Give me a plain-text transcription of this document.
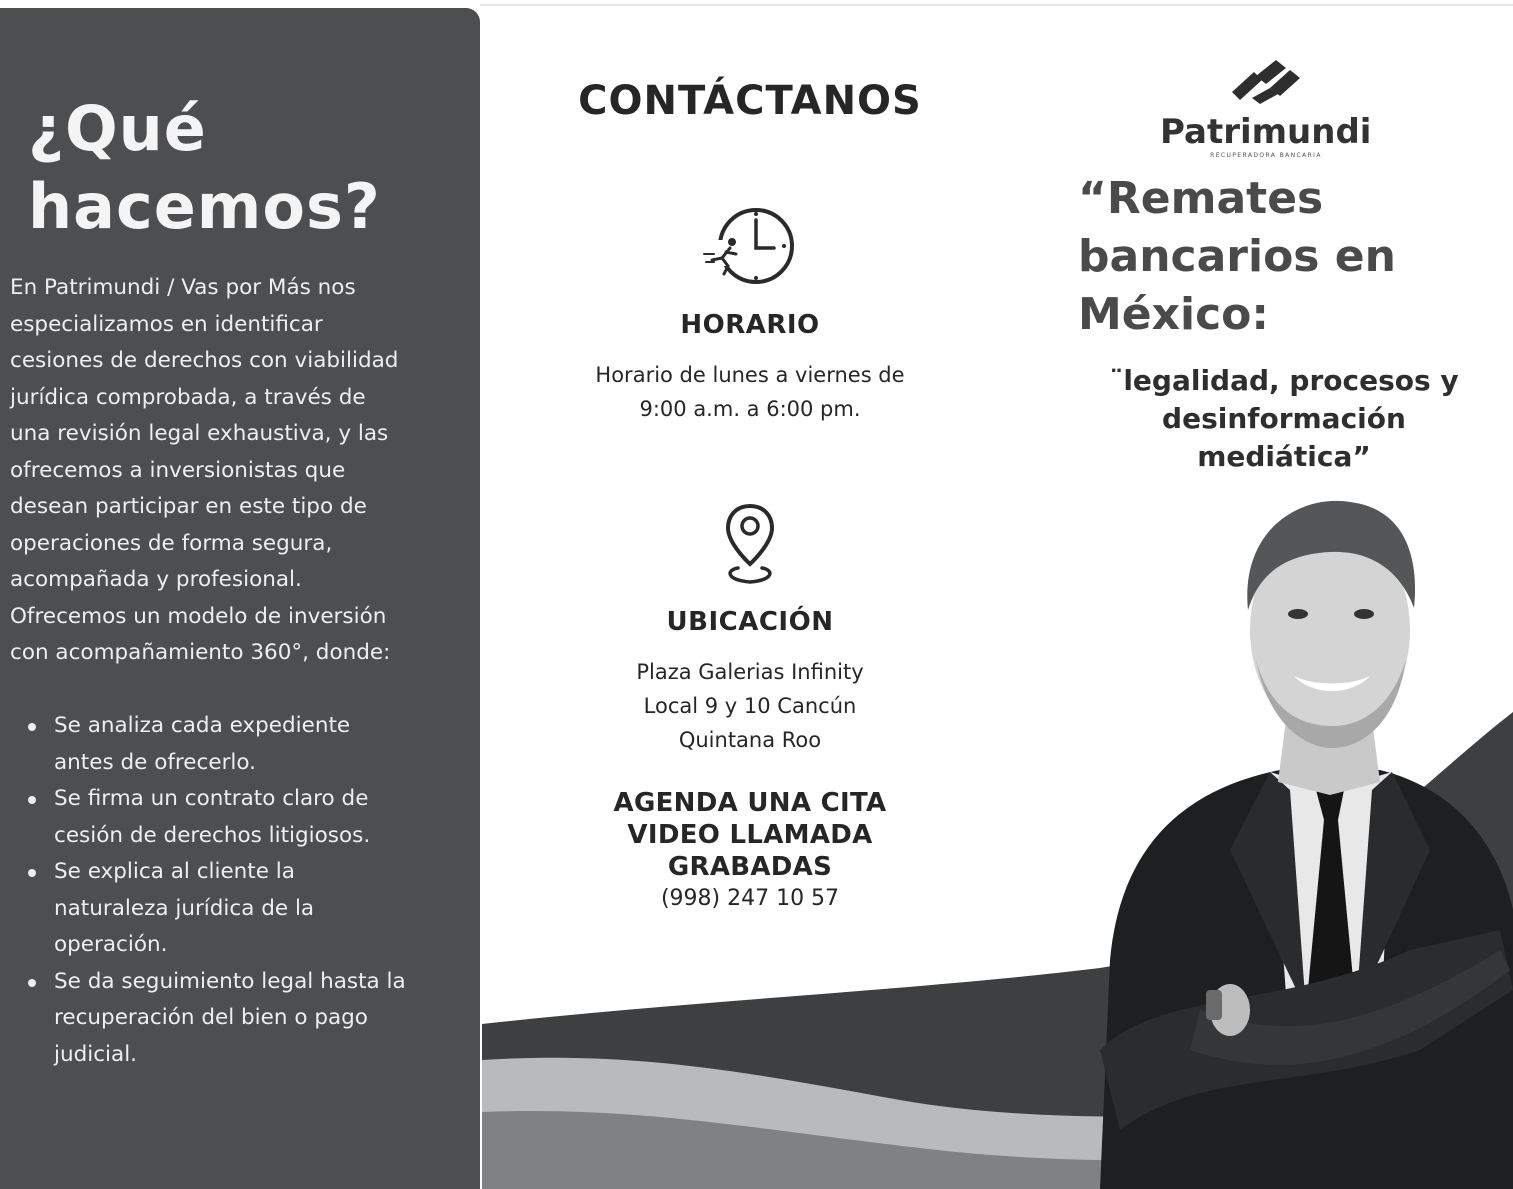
¿Qué
hacemos?

En Patrimundi / Vas por Más nos
especializamos en identificar
cesiones de derechos con viabilidad
jurídica comprobada, a través de
una revisión legal exhaustiva, y las
ofrecemos a inversionistas que
desean participar en este tipo de
operaciones de forma segura,
acompañada y profesional.
Ofrecemos un modelo de inversión
con acompañamiento 360°, donde:

Se analiza cada expediente
antes de ofrecerlo.
Se firma un contrato claro de
cesión de derechos litigiosos.
Se explica al cliente la
naturaleza jurídica de la
operación.
Se da seguimiento legal hasta la
recuperación del bien o pago
judicial.
CONTÁCTANOS
HORARIO
Horario de lunes a viernes de
9:00 a.m. a 6:00 pm.
UBICACIÓN
Plaza Galerias Infinity
Local 9 y 10 Cancún
Quintana Roo
AGENDA UNA CITA
VIDEO LLAMADA
GRABADAS
(998) 247 10 57
Patrimundi
RECUPERADORA BANCARIA
“Remates
bancarios en
México:

¨legalidad, procesos y
desinformación
mediática”
